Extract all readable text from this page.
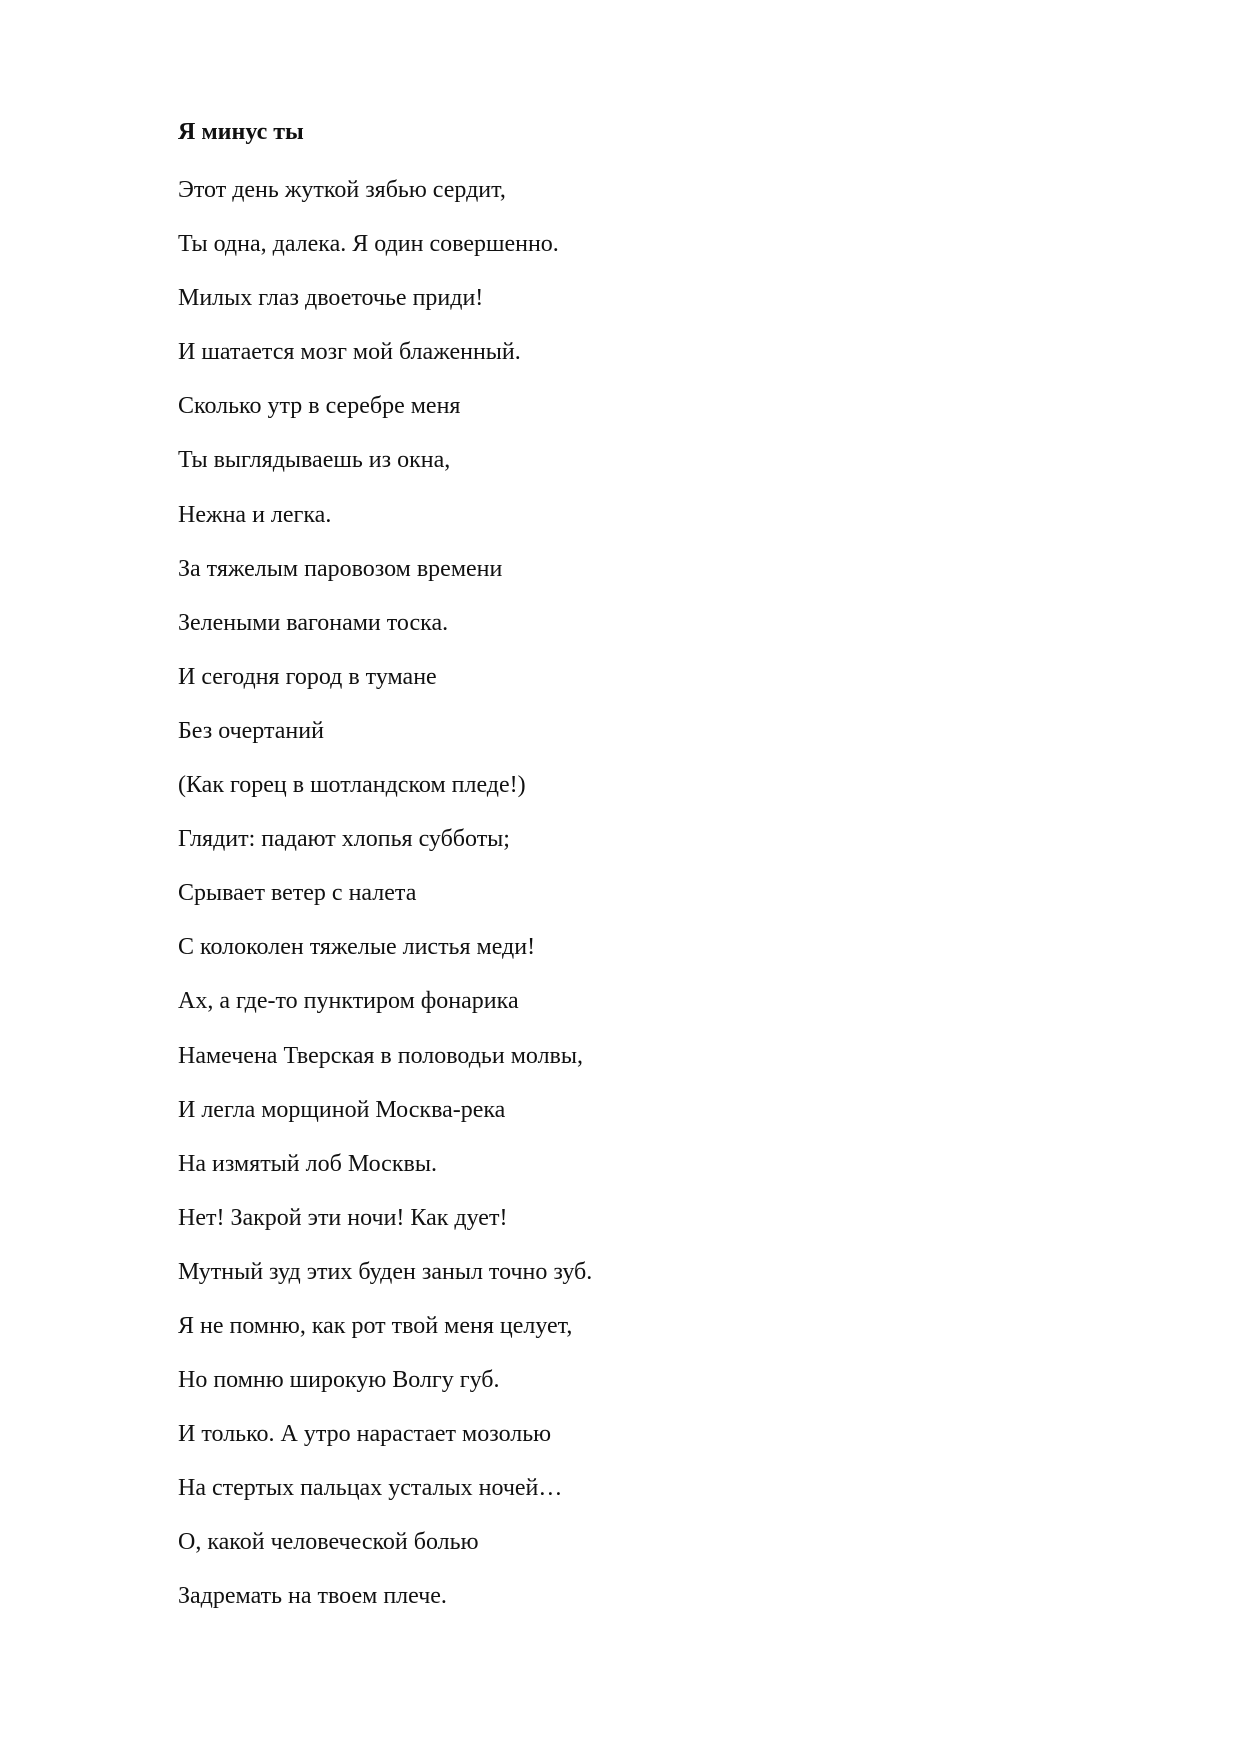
Я минус ты
Этот день жуткой зябью сердит,
Ты одна, далека. Я один совершенно.
Милых глаз двоеточье приди!
И шатается мозг мой блаженный.
Сколько утр в серебре меня
Ты выглядываешь из окна,
Нежна и легка.
За тяжелым паровозом времени
Зелеными вагонами тоска.
И сегодня город в тумане
Без очертаний
(Как горец в шотландском пледе!)
Глядит: падают хлопья субботы;
Срывает ветер с налета
С колоколен тяжелые листья меди!
Ах, а где-то пунктиром фонарика
Намечена Тверская в половодьи молвы,
И легла морщиной Москва-река
На измятый лоб Москвы.
Нет! Закрой эти ночи! Как дует!
Мутный зуд этих буден заныл точно зуб.
Я не помню, как рот твой меня целует,
Но помню широкую Волгу губ.
И только. А утро нарастает мозолью
На стертых пальцах усталых ночей…
О, какой человеческой болью
Задремать на твоем плече.
